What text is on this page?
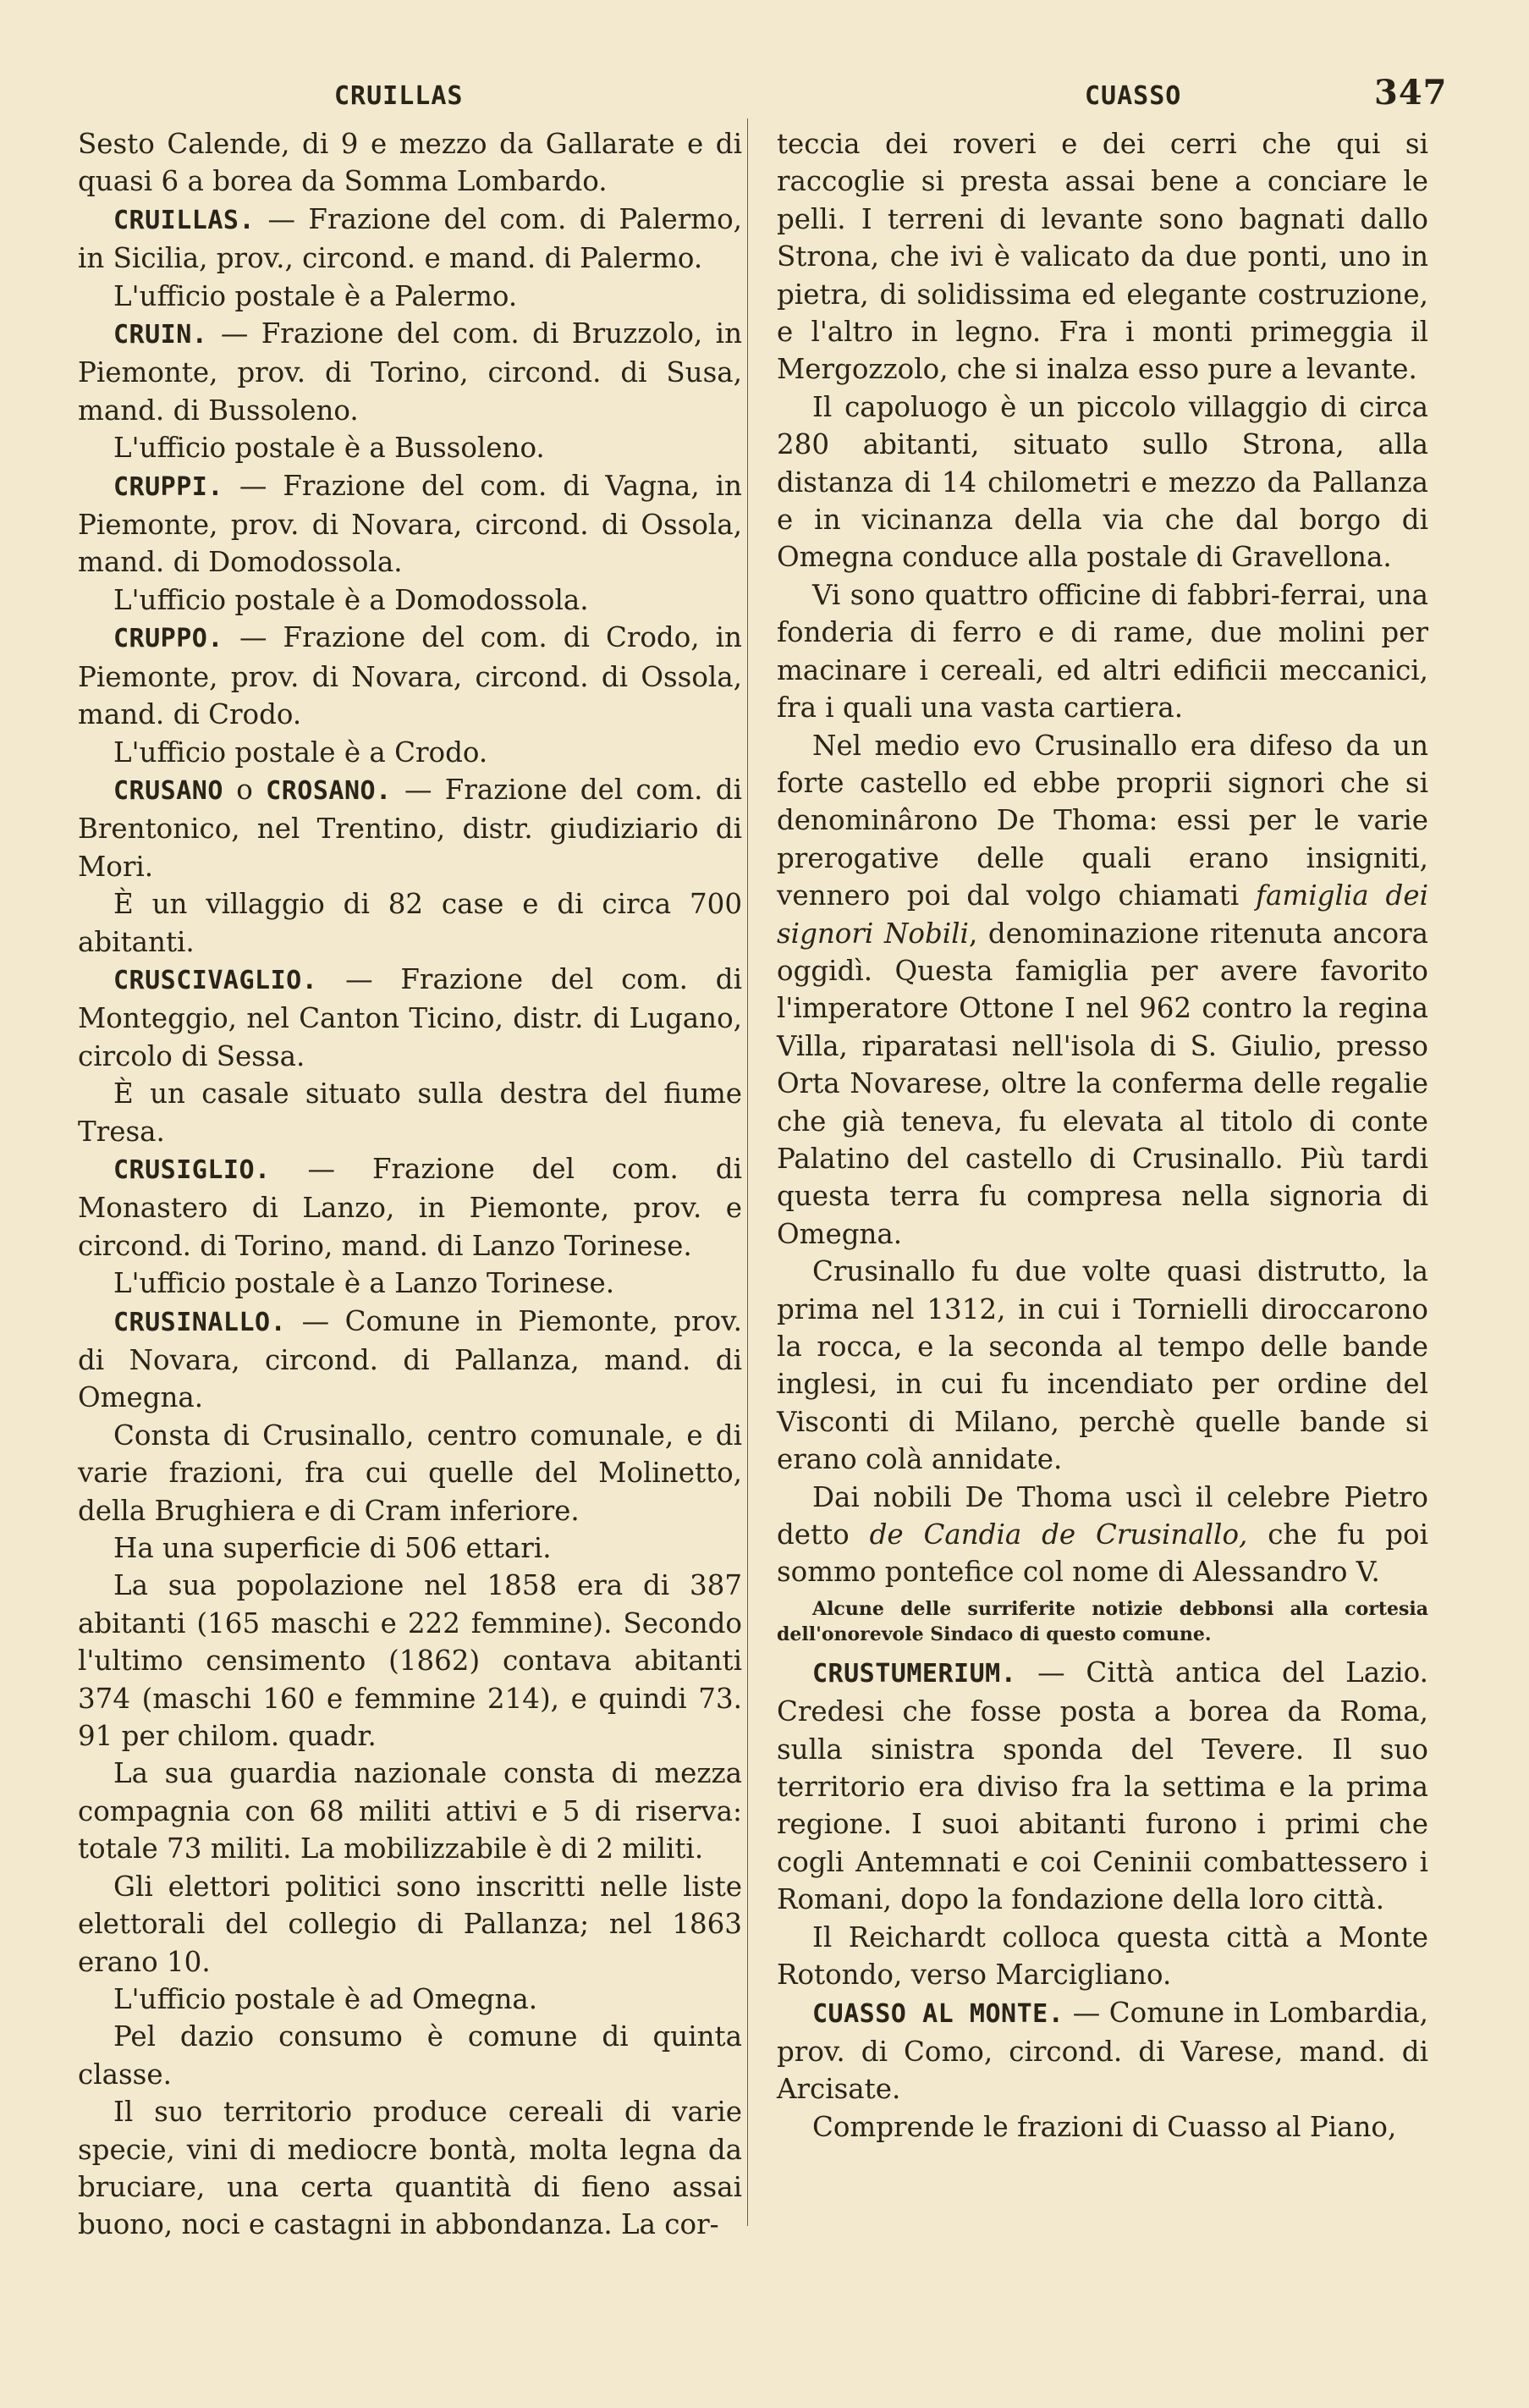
CRUILLAS	CUASSO	347

Sesto Calende, di 9 e mezzo da Gallarate e di quasi 6 a borea da Somma Lombardo.

CRUILLAS. — Frazione del com. di Palermo, in Sicilia, prov., circond. e mand. di Palermo.

L'ufficio postale è a Palermo.

CRUIN. — Frazione del com. di Bruzzolo, in Piemonte, prov. di Torino, circond. di Susa, mand. di Bussoleno.

L'ufficio postale è a Bussoleno.

CRUPPI. — Frazione del com. di Vagna, in Piemonte, prov. di Novara, circond. di Ossola, mand. di Domodossola.

L'ufficio postale è a Domodossola.

CRUPPO. — Frazione del com. di Crodo, in Piemonte, prov. di Novara, circond. di Ossola, mand. di Crodo.

L'ufficio postale è a Crodo.

CRUSANO o CROSANO. — Frazione del com. di Brentonico, nel Trentino, distr. giudiziario di Mori.

È un villaggio di 82 case e di circa 700 abitanti.

CRUSCIVAGLIO. — Frazione del com. di Monteggio, nel Canton Ticino, distr. di Lugano, circolo di Sessa.

È un casale situato sulla destra del fiume Tresa.

CRUSIGLIO. — Frazione del com. di Monastero di Lanzo, in Piemonte, prov. e circond. di Torino, mand. di Lanzo Torinese.

L'ufficio postale è a Lanzo Torinese.

CRUSINALLO. — Comune in Piemonte, prov. di Novara, circond. di Pallanza, mand. di Omegna.

Consta di Crusinallo, centro comunale, e di varie frazioni, fra cui quelle del Molinetto, della Brughiera e di Cram inferiore.

Ha una superficie di 506 ettari.

La sua popolazione nel 1858 era di 387 abitanti (165 maschi e 222 femmine). Secondo l'ultimo censimento (1862) contava abitanti 374 (maschi 160 e femmine 214), e quindi 73. 91 per chilom. quadr.

La sua guardia nazionale consta di mezza compagnia con 68 militi attivi e 5 di riserva: totale 73 militi. La mobilizzabile è di 2 militi.

Gli elettori politici sono inscritti nelle liste elettorali del collegio di Pallanza; nel 1863 erano 10.

L'ufficio postale è ad Omegna.

Pel dazio consumo è comune di quinta classe.

Il suo territorio produce cereali di varie specie, vini di mediocre bontà, molta legna da bruciare, una certa quantità di fieno assai buono, noci e castagni in abbondanza. La cor-

teccia dei roveri e dei cerri che qui si raccoglie si presta assai bene a conciare le pelli. I terreni di levante sono bagnati dallo Strona, che ivi è valicato da due ponti, uno in pietra, di solidissima ed elegante costruzione, e l'altro in legno. Fra i monti primeggia il Mergozzolo, che si inalza esso pure a levante.

Il capoluogo è un piccolo villaggio di circa 280 abitanti, situato sullo Strona, alla distanza di 14 chilometri e mezzo da Pallanza e in vicinanza della via che dal borgo di Omegna conduce alla postale di Gravellona.

Vi sono quattro officine di fabbri-ferrai, una fonderia di ferro e di rame, due molini per macinare i cereali, ed altri edificii meccanici, fra i quali una vasta cartiera.

Nel medio evo Crusinallo era difeso da un forte castello ed ebbe proprii signori che si denominârono De Thoma: essi per le varie prerogative delle quali erano insigniti, vennero poi dal volgo chiamati famiglia dei signori Nobili, denominazione ritenuta ancora oggidì. Questa famiglia per avere favorito l'imperatore Ottone I nel 962 contro la regina Villa, riparatasi nell'isola di S. Giulio, presso Orta Novarese, oltre la conferma delle regalie che già teneva, fu elevata al titolo di conte Palatino del castello di Crusinallo. Più tardi questa terra fu compresa nella signoria di Omegna.

Crusinallo fu due volte quasi distrutto, la prima nel 1312, in cui i Tornielli diroccarono la rocca, e la seconda al tempo delle bande inglesi, in cui fu incendiato per ordine del Visconti di Milano, perchè quelle bande si erano colà annidate.

Dai nobili De Thoma uscì il celebre Pietro detto de Candia de Crusinallo, che fu poi sommo pontefice col nome di Alessandro V.

Alcune delle surriferite notizie debbonsi alla cortesia dell'onorevole Sindaco di questo comune.

CRUSTUMERIUM. — Città antica del Lazio. Credesi che fosse posta a borea da Roma, sulla sinistra sponda del Tevere. Il suo territorio era diviso fra la settima e la prima regione. I suoi abitanti furono i primi che cogli Antemnati e coi Ceninii combattessero i Romani, dopo la fondazione della loro città.

Il Reichardt colloca questa città a Monte Rotondo, verso Marcigliano.

CUASSO AL MONTE. — Comune in Lombardia, prov. di Como, circond. di Varese, mand. di Arcisate.

Comprende le frazioni di Cuasso al Piano,
